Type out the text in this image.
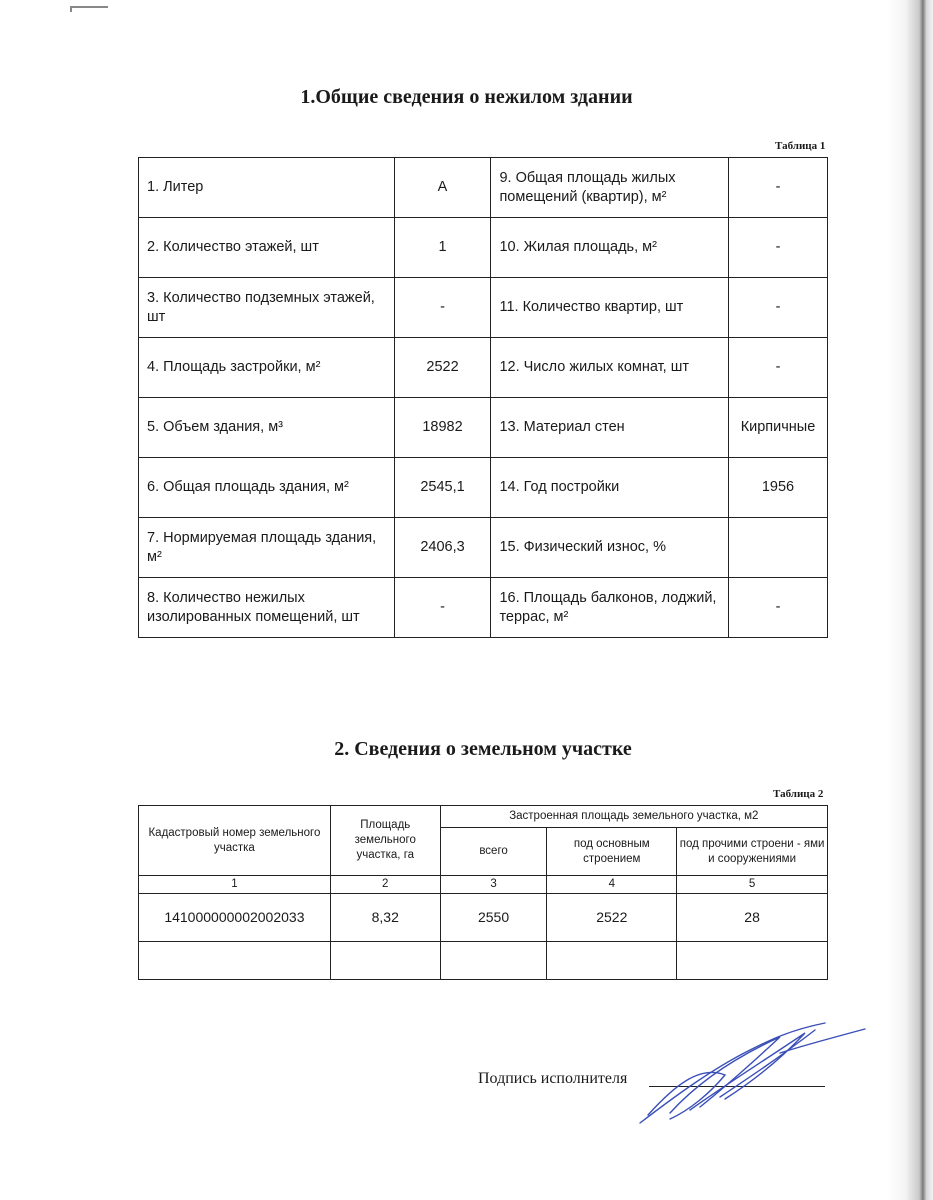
1.Общие сведения о нежилом здании
Таблица 1
1. Литер	А	9. Общая площадь жилых помещений (квартир), м²	-
2. Количество этажей, шт	1	10. Жилая площадь, м²	-
3. Количество подземных этажей, шт	-	11. Количество квартир, шт	-
4. Площадь застройки, м²	2522	12. Число жилых комнат, шт	-
5. Объем здания, м³	18982	13. Материал стен	Кирпичные
6. Общая площадь здания, м²	2545,1	14. Год постройки	1956
7. Нормируемая площадь здания, м²	2406,3	15. Физический износ, %	
8. Количество нежилых изолированных помещений, шт	-	16. Площадь балконов, лоджий, террас, м²	-
2. Сведения о земельном участке
Таблица 2
Кадастровый номер земельного участка	Площадь земельного участка, га	Застроенная площадь земельного участка, м2		
		всего	под основным строением	под прочими строени - ями и сооружениями
1	2	3	4	5
141000000002002033	8,32	2550	2522	28

Подпись исполнителя
